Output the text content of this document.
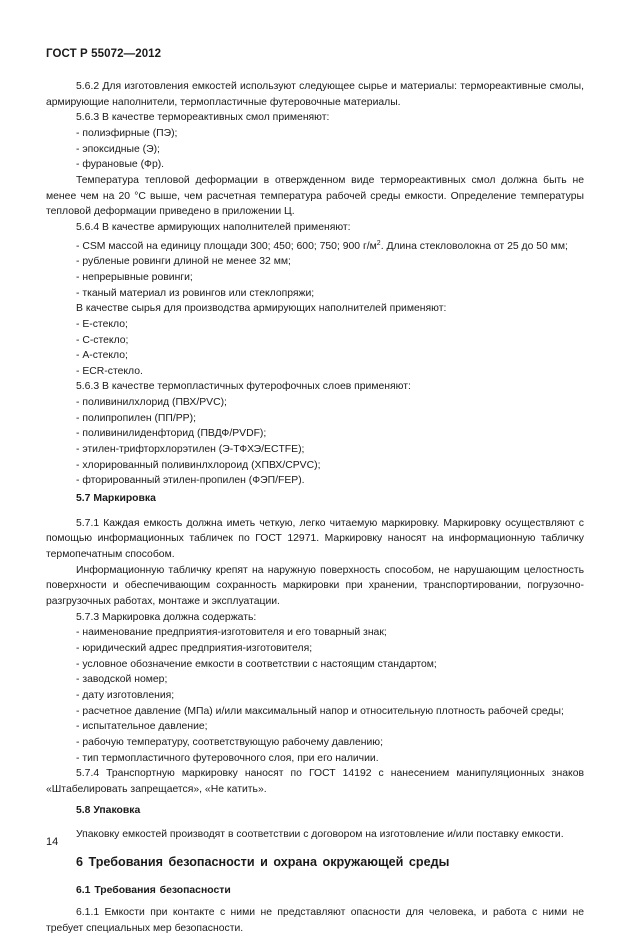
ГОСТ Р 55072—2012

5.6.2 Для изготовления емкостей используют следующее сырье и материалы: термореактивные смолы, армирующие наполнители, термопластичные футеровочные материалы.

5.6.3 В качестве термореактивных смол применяют:

- полиэфирные (ПЭ);

- эпоксидные (Э);

- фурановые (Фр).

Температура тепловой деформации в отвержденном виде термореактивных смол должна быть не менее чем на 20 °С выше, чем расчетная температура рабочей среды емкости. Определение температуры тепловой деформации приведено в приложении Ц.

5.6.4 В качестве армирующих наполнителей применяют:

- CSM массой на единицу площади 300; 450; 600; 750; 900 $г/м^2$. Длина стекловолокна от 25 до 50 мм;

- рубленые ровинги длиной не менее 32 мм;

- непрерывные ровинги;

- тканый материал из ровингов или стеклопряжи;

В качестве сырья для производства армирующих наполнителей применяют:

- Е-стекло;

- С-стекло;

- А-стекло;

- ECR-стекло.

5.6.3 В качестве термопластичных футерофочных слоев применяют:

- поливинилхлорид (ПВХ/PVC);

- полипропилен (ПП/PP);

- поливинилиденфторид (ПВДФ/PVDF);

- этилен-трифторхлорэтилен (Э-ТФХЭ/ECTFE);

- хлорированный поливинлхлороид (ХПВХ/CPVC);

- фторированный этилен-пропилен (ФЭП/FEP).

5.7 Маркировка

5.7.1 Каждая емкость должна иметь четкую, легко читаемую маркировку. Маркировку осуществляют с помощью информационных табличек по ГОСТ 12971. Маркировку наносят на информационную табличку термопечатным способом.

Информационную табличку крепят на наружную поверхность способом, не нарушающим целостность поверхности и обеспечивающим сохранность маркировки при хранении, транспортировании, погрузочно-разгрузочных работах, монтаже и эксплуатации.

5.7.3 Маркировка должна содержать:

- наименование предприятия-изготовителя и его товарный знак;

- юридический адрес предприятия-изготовителя;

- условное обозначение емкости в соответствии с настоящим стандартом;

- заводской номер;

- дату изготовления;

- расчетное давление (МПа) и/или максимальный напор и относительную плотность рабочей среды;

- испытательное давление;

- рабочую температуру, соответствующую рабочему давлению;

- тип термопластичного футеровочного слоя, при его наличии.

5.7.4 Транспортную маркировку наносят по ГОСТ 14192 с нанесением манипуляционных знаков «Штабелировать запрещается», «Не катить».

5.8 Упаковка

Упаковку емкостей производят в соответствии с договором на изготовление и/или поставку емкости.

6 Требования безопасности и охрана окружающей среды

6.1 Требования безопасности

6.1.1 Емкости при контакте с ними не представляют опасности для человека, и работа с ними не требует специальных мер безопасности.

14
